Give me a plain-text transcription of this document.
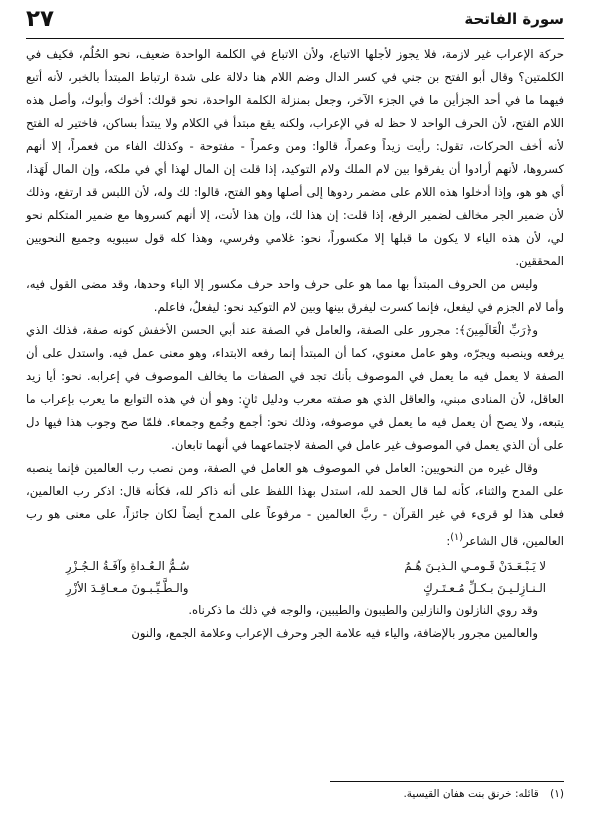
سورة الفاتحة
٢٧

حركة الإعراب غير لازمة، فلا يجوز لأجلها الاتباع، ولأن الاتباع في الكلمة الواحدة ضعيف، نحو الحُلُم، فكيف في الكلمتين؟ وقال أبو الفتح بن جني في كسر الدال وضم اللام هنا دلالة على شدة ارتباط المبتدأ بالخبر، لأنه أتبع فيهما ما في أحد الجزأين ما في الجزء الآخر، وجعل بمنزلة الكلمة الواحدة، نحو قولك: أخوك وأبوك، وأصل هذه اللام الفتح، لأن الحرف الواحد لا حظ له في الإعراب، ولكنه يقع مبتدأ في الكلام ولا يبتدأ بساكن، فاختير له الفتح لأنه أخف الحركات، تقول: رأيت زيداً وعمراً، قالوا: ومن وعمراً - مفتوحة - وكذلك الفاء من فعمراً، إلا أنهم كسروها، لأنهم أرادوا أن يفرقوا بين لام الملك ولام التوكيد، إذا قلت إن المال لهذا أي في ملكه، وإن المال لَهَذا، أي هو هو، وإذا أدخلوا هذه اللام على مضمر ردوها إلى أصلها وهو الفتح، قالوا: لك وله، لأن اللبس قد ارتفع، وذلك لأن ضمير الجر مخالف لضمير الرفع، إذا قلت: إن هذا لك، وإن هذا لأنت، إلا أنهم كسروها مع ضمير المتكلم نحو لي، لأن هذه الياء لا يكون ما قبلها إلا مكسوراً، نحو: غلامي وفرسي، وهذا كله قول سيبويه وجميع النحويين المحققين.

وليس من الحروف المبتدأ بها مما هو على حرف واحد حرف مكسور إلا الباء وحدها، وقد مضى القول فيه، وأما لام الجزم في ليفعل، فإنما كسرت ليفرق بينها وبين لام التوكيد نحو: ليفعلُ، فاعلم.

و﴿رَبِّ الْعَالَمِينَ﴾: مجرور على الصفة، والعامل في الصفة عند أبي الحسن الأخفش كونه صفة، فذلك الذي يرفعه وينصبه ويجرّه، وهو عامل معنوي، كما أن المبتدأ إنما رفعه الابتداء، وهو معنى عمل فيه. واستدل على أن الصفة لا يعمل فيه ما يعمل في الموصوف بأنك تجد في الصفات ما يخالف الموصوف في إعرابه. نحو: أيا زيد العاقل، لأن المنادى مبني، والعاقل الذي هو صفته معرب ودليل ثانٍ: وهو أن في هذه التوابع ما يعرب بإعراب ما يتبعه، ولا يصح أن يعمل فيه ما يعمل في موصوفه، وذلك نحو: أجمع وجُمع وجمعاء. فلمّا صح وجوب هذا فيها دل على أن الذي يعمل في الموصوف غير عامل في الصفة لاجتماعهما في أنهما تابعان.

وقال غيره من النحويين: العامل في الموصوف هو العامل في الصفة، ومن نصب رب العالمين فإنما ينصبه على المدح والثناء، كأنه لما قال الحمد لله، استدل بهذا اللفظ على أنه ذاكر لله، فكأنه قال: اذكر رب العالمين، فعلى هذا لو قرىء في غير القرآن - ربَّ العالمين - مرفوعاً على المدح أيضاً لكان جائزاً، على معنى هو رب العالمين، قال الشاعر$^{(١)}$:

لا يَـبْـعَـدَنْ قَـومـي الـذيـنَ هُـمُ
سُـمُّ الـعُـداةِ وآفَـةُ الـجُـزْرِ
الـنـازِلـيـنَ بـكـلِّ مُـعـتَـركٍ
والـطَّـيِّـبـونَ مـعـاقِـدَ الأزْرِ

وقد روي النازلون والنازلين والطيبون والطيبين، والوجه في ذلك ما ذكرناه.

والعالمين مجرور بالإضافة، والياء فيه علامة الجر وحرف الإعراب وعلامة الجمع، والنون

(١) قائله: خرنق بنت هفان القيسية.
